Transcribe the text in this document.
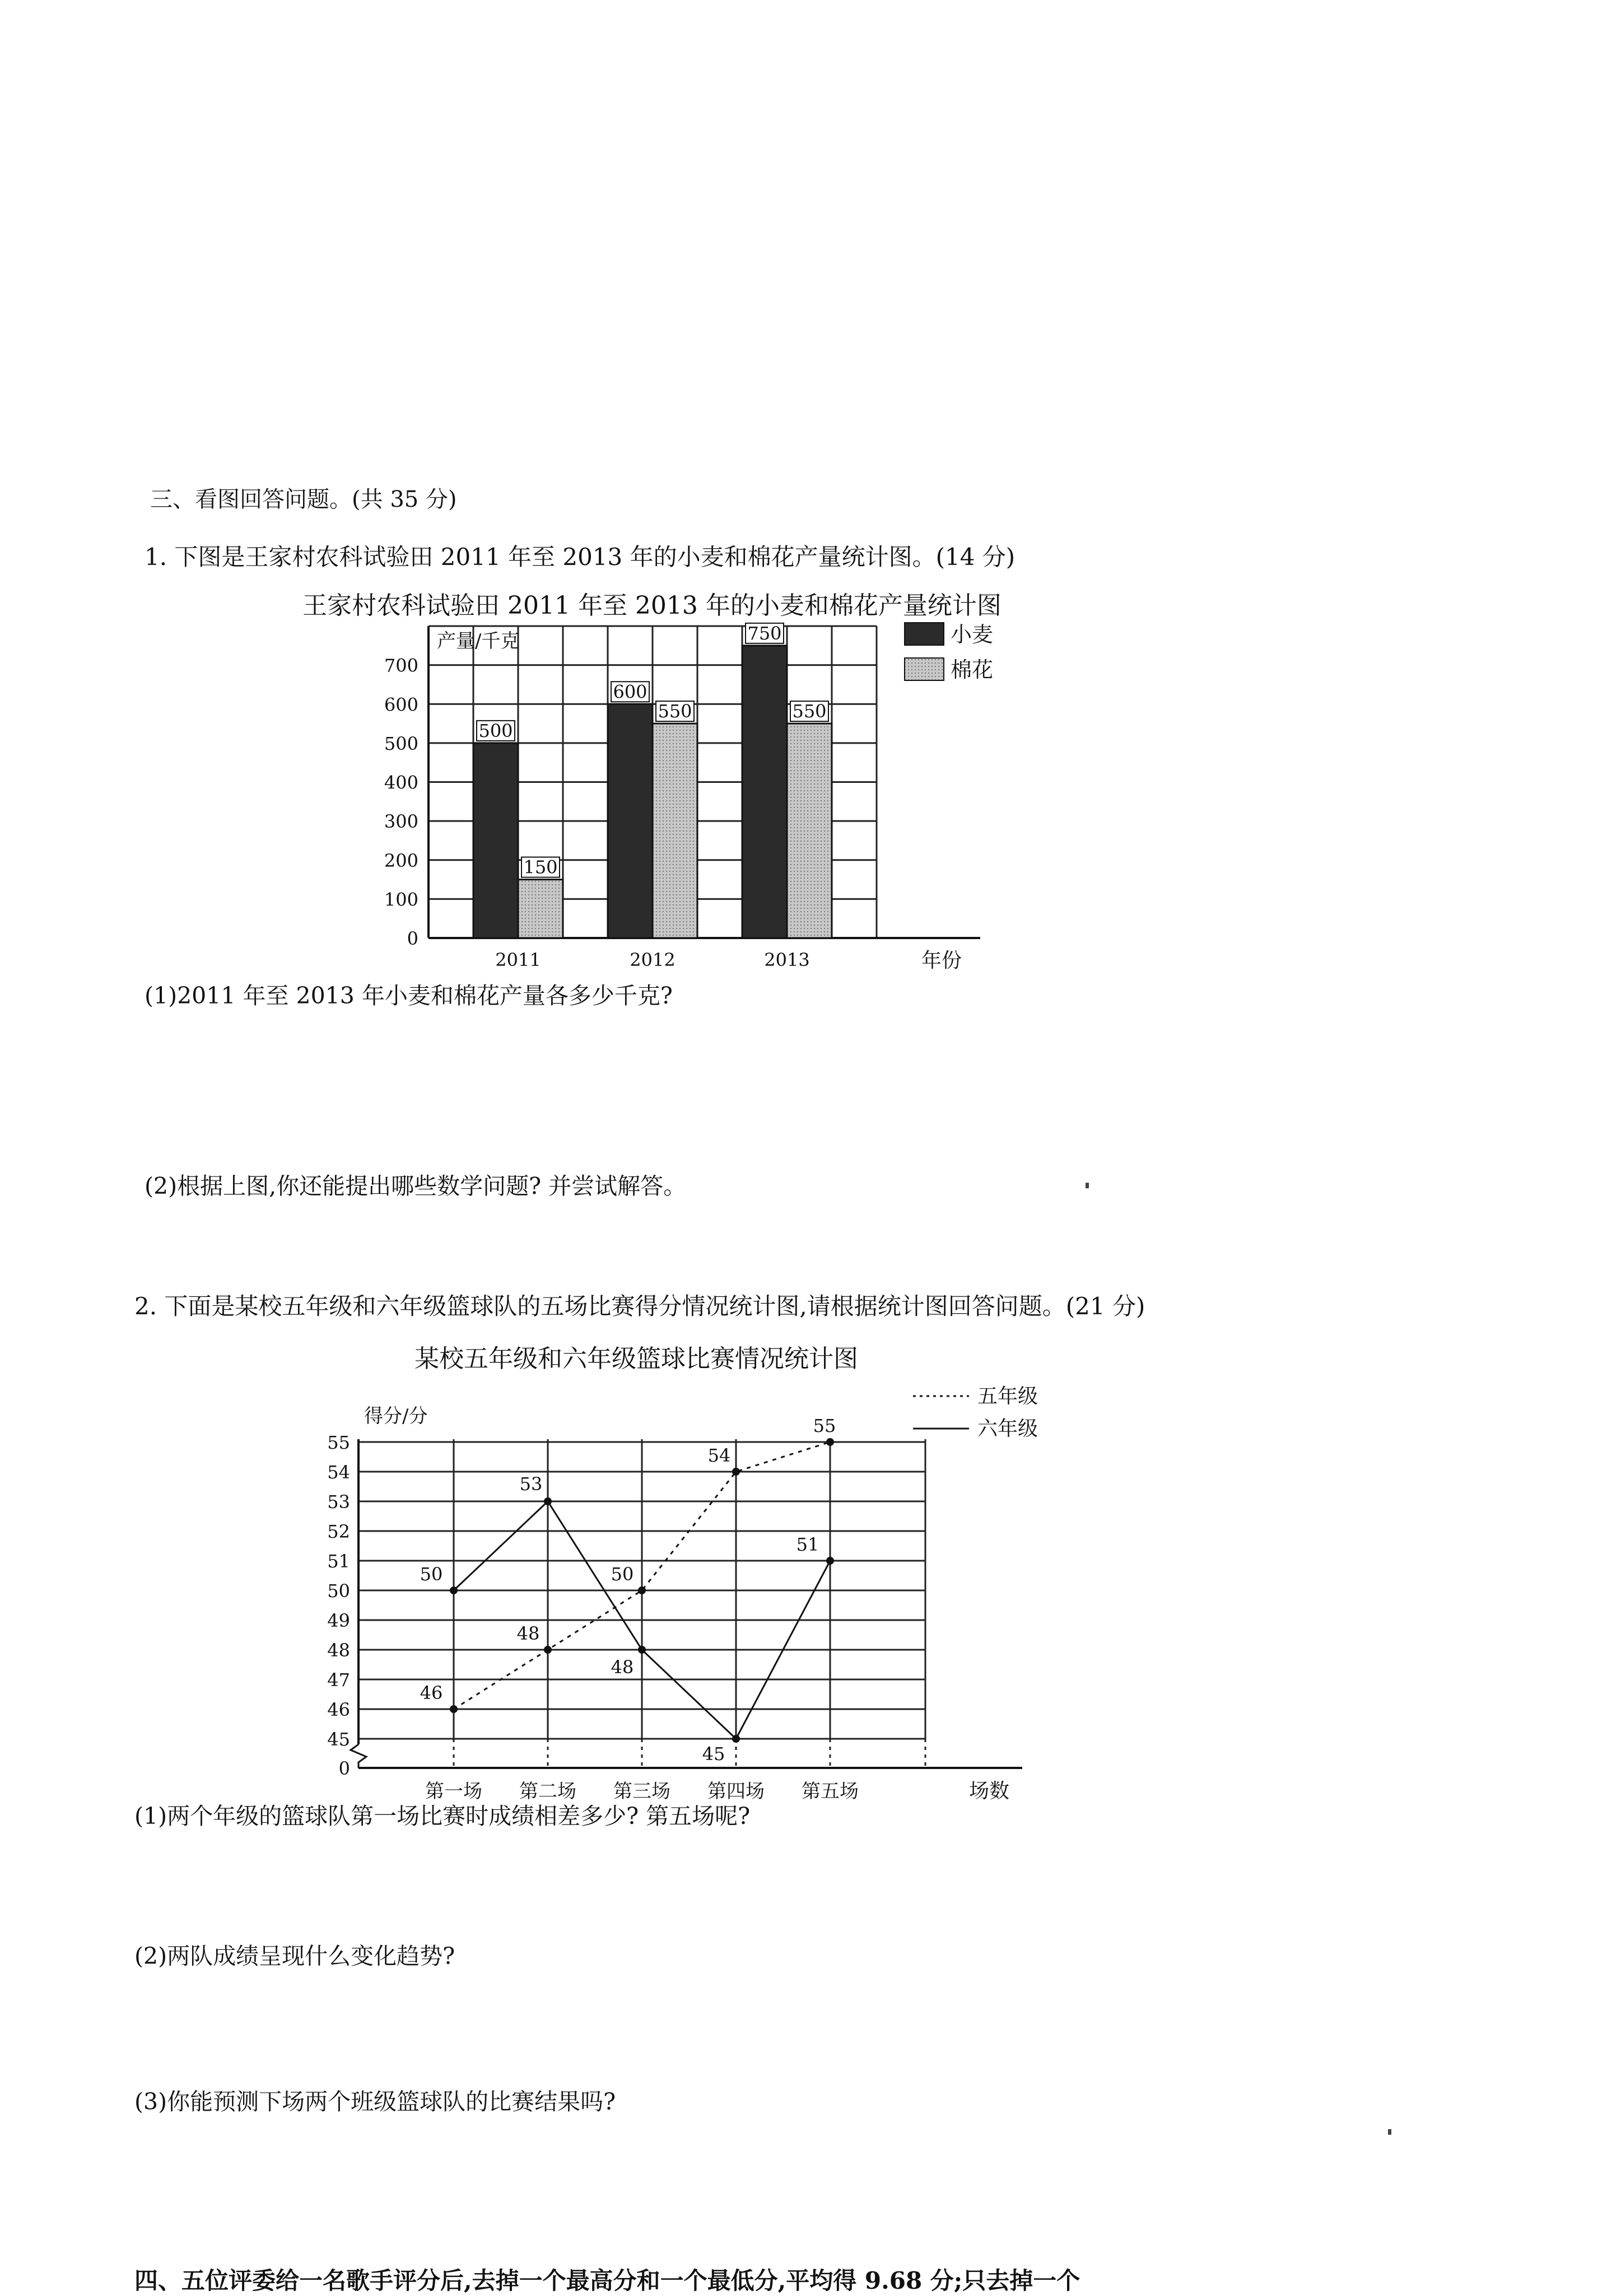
三、看图回答问题。(共 35 分)
1. 下图是王家村农科试验田 2011 年至 2013 年的小麦和棉花产量统计图。(14 分)
王家村农科试验田 2011 年至 2013 年的小麦和棉花产量统计图
0
100
200
300
400
500
600
700
产量/千克
年份
500
150
2011
600
550
2012
750
550
2013
小麦
棉花
(1)2011 年至 2013 年小麦和棉花产量各多少千克?
(2)根据上图,你还能提出哪些数学问题? 并尝试解答。
2. 下面是某校五年级和六年级篮球队的五场比赛得分情况统计图,请根据统计图回答问题。(21 分)
某校五年级和六年级篮球比赛情况统计图
45
46
47
48
49
50
51
52
53
54
55
0
得分/分
场数
第一场 第二场 第三场 第四场 第五场
46
48
50
54
55
50
53
48
45
51
五年级
六年级
(1)两个年级的篮球队第一场比赛时成绩相差多少? 第五场呢?
(2)两队成绩呈现什么变化趋势?
(3)你能预测下场两个班级篮球队的比赛结果吗?
四、五位评委给一名歌手评分后,去掉一个最高分和一个最低分,平均得 9.68 分;只去掉一个
